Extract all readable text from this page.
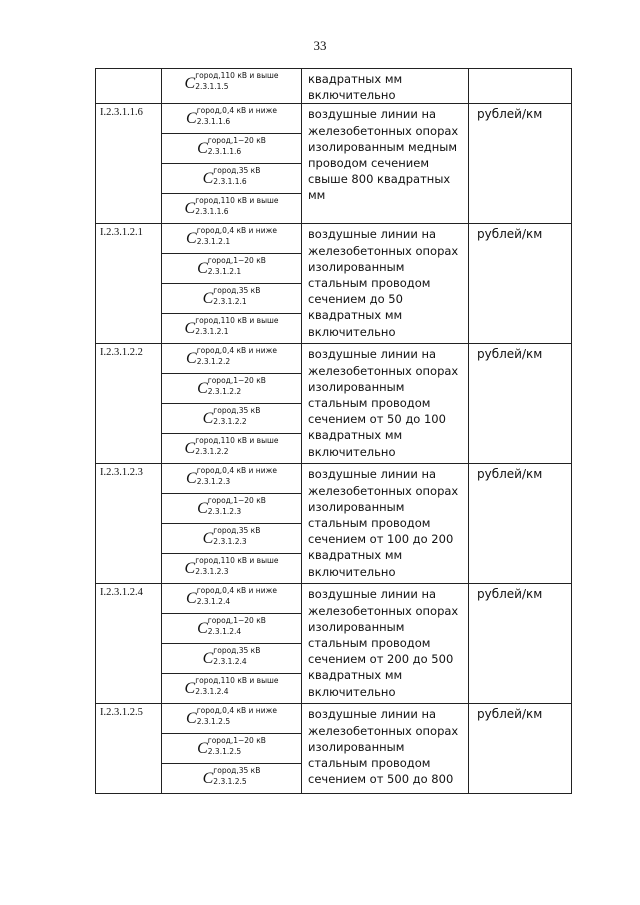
33

	C город,110 кВ и выше
2.3.1.1.5	квадратных мм включительно	
I.2.3.1.1.6	C город,0,4 кВ и ниже
2.3.1.1.6	воздушные линии на железобетонных опорах изолированным медным проводом сечением свыше 800 квадратных мм	рублей/км

	C город,1−20 кВ
2.3.1.1.6		

	C город,35 кВ
2.3.1.1.6		

	C город,110 кВ и выше
2.3.1.1.6		

I.2.3.1.2.1	C город,0,4 кВ и ниже
2.3.1.2.1	воздушные линии на железобетонных опорах изолированным стальным проводом сечением до 50 квадратных мм включительно	рублей/км

	C город,1−20 кВ
2.3.1.2.1		

	C город,35 кВ
2.3.1.2.1		

	C город,110 кВ и выше
2.3.1.2.1		

I.2.3.1.2.2	C город,0,4 кВ и ниже
2.3.1.2.2	воздушные линии на железобетонных опорах изолированным стальным проводом сечением от 50 до 100 квадратных мм включительно	рублей/км

	C город,1−20 кВ
2.3.1.2.2		

	C город,35 кВ
2.3.1.2.2		

	C город,110 кВ и выше
2.3.1.2.2		

I.2.3.1.2.3	C город,0,4 кВ и ниже
2.3.1.2.3	воздушные линии на железобетонных опорах изолированным стальным проводом сечением от 100 до 200 квадратных мм включительно	рублей/км

	C город,1−20 кВ
2.3.1.2.3		

	C город,35 кВ
2.3.1.2.3		

	C город,110 кВ и выше
2.3.1.2.3		

I.2.3.1.2.4	C город,0,4 кВ и ниже
2.3.1.2.4	воздушные линии на железобетонных опорах изолированным стальным проводом сечением от 200 до 500 квадратных мм включительно	рублей/км

	C город,1−20 кВ
2.3.1.2.4		

	C город,35 кВ
2.3.1.2.4		

	C город,110 кВ и выше
2.3.1.2.4		

I.2.3.1.2.5	C город,0,4 кВ и ниже
2.3.1.2.5	воздушные линии на железобетонных опорах изолированным стальным проводом сечением от 500 до 800	рублей/км

	C город,1−20 кВ
2.3.1.2.5		

	C город,35 кВ
2.3.1.2.5		
